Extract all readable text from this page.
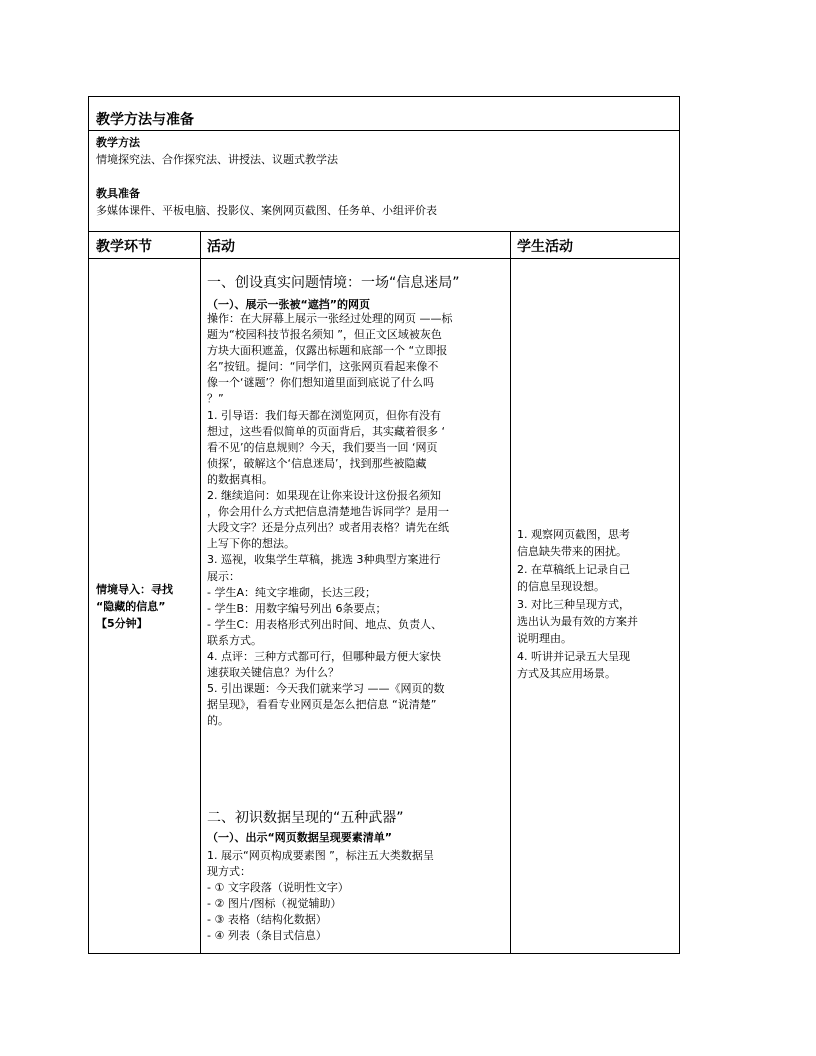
教学方法与准备
教学方法
情境探究法、合作探究法、讲授法、议题式教学法
教具准备
多媒体课件、平板电脑、投影仪、案例网页截图、任务单、小组评价表
教学环节	活动	学生活动
情境导入：寻找
“隐藏的信息”
【5分钟】
一、创设真实问题情境：一场“信息迷局”
（一）、展示一张被“遮挡”的网页
操作：在大屏幕上展示一张经过处理的网页 ——标
题为“校园科技节报名须知 ”，但正文区域被灰色
方块大面积遮盖，仅露出标题和底部一个 “立即报
名”按钮。提问：“同学们，这张网页看起来像不
像一个‘谜题’？你们想知道里面到底说了什么吗
？”
1. 引导语：我们每天都在浏览网页，但你有没有
想过，这些看似简单的页面背后，其实藏着很多 ‘
看不见’的信息规则？今天，我们要当一回 ‘网页
侦探’，破解这个‘信息迷局’，找到那些被隐藏
的数据真相。
2. 继续追问：如果现在让你来设计这份报名须知
，你会用什么方式把信息清楚地告诉同学？是用一
大段文字？还是分点列出？或者用表格？请先在纸
上写下你的想法。
3. 巡视，收集学生草稿，挑选 3种典型方案进行
展示：
- 学生A：纯文字堆砌，长达三段；
- 学生B：用数字编号列出 6条要点；
- 学生C：用表格形式列出时间、地点、负责人、
联系方式。
4. 点评：三种方式都可行，但哪种最方便大家快
速获取关键信息？为什么？
5. 引出课题：今天我们就来学习 ——《网页的数
据呈现》，看看专业网页是怎么把信息 “说清楚”
的。
二、初识数据呈现的“五种武器”
（一）、出示“网页数据呈现要素清单”
1. 展示“网页构成要素图 ”，标注五大类数据呈
现方式：
- ① 文字段落（说明性文字）
- ② 图片/图标（视觉辅助）
- ③ 表格（结构化数据）
- ④ 列表（条目式信息）
1. 观察网页截图，思考
信息缺失带来的困扰。
2. 在草稿纸上记录自己
的信息呈现设想。
3. 对比三种呈现方式，
选出认为最有效的方案并
说明理由。
4. 听讲并记录五大呈现
方式及其应用场景。
